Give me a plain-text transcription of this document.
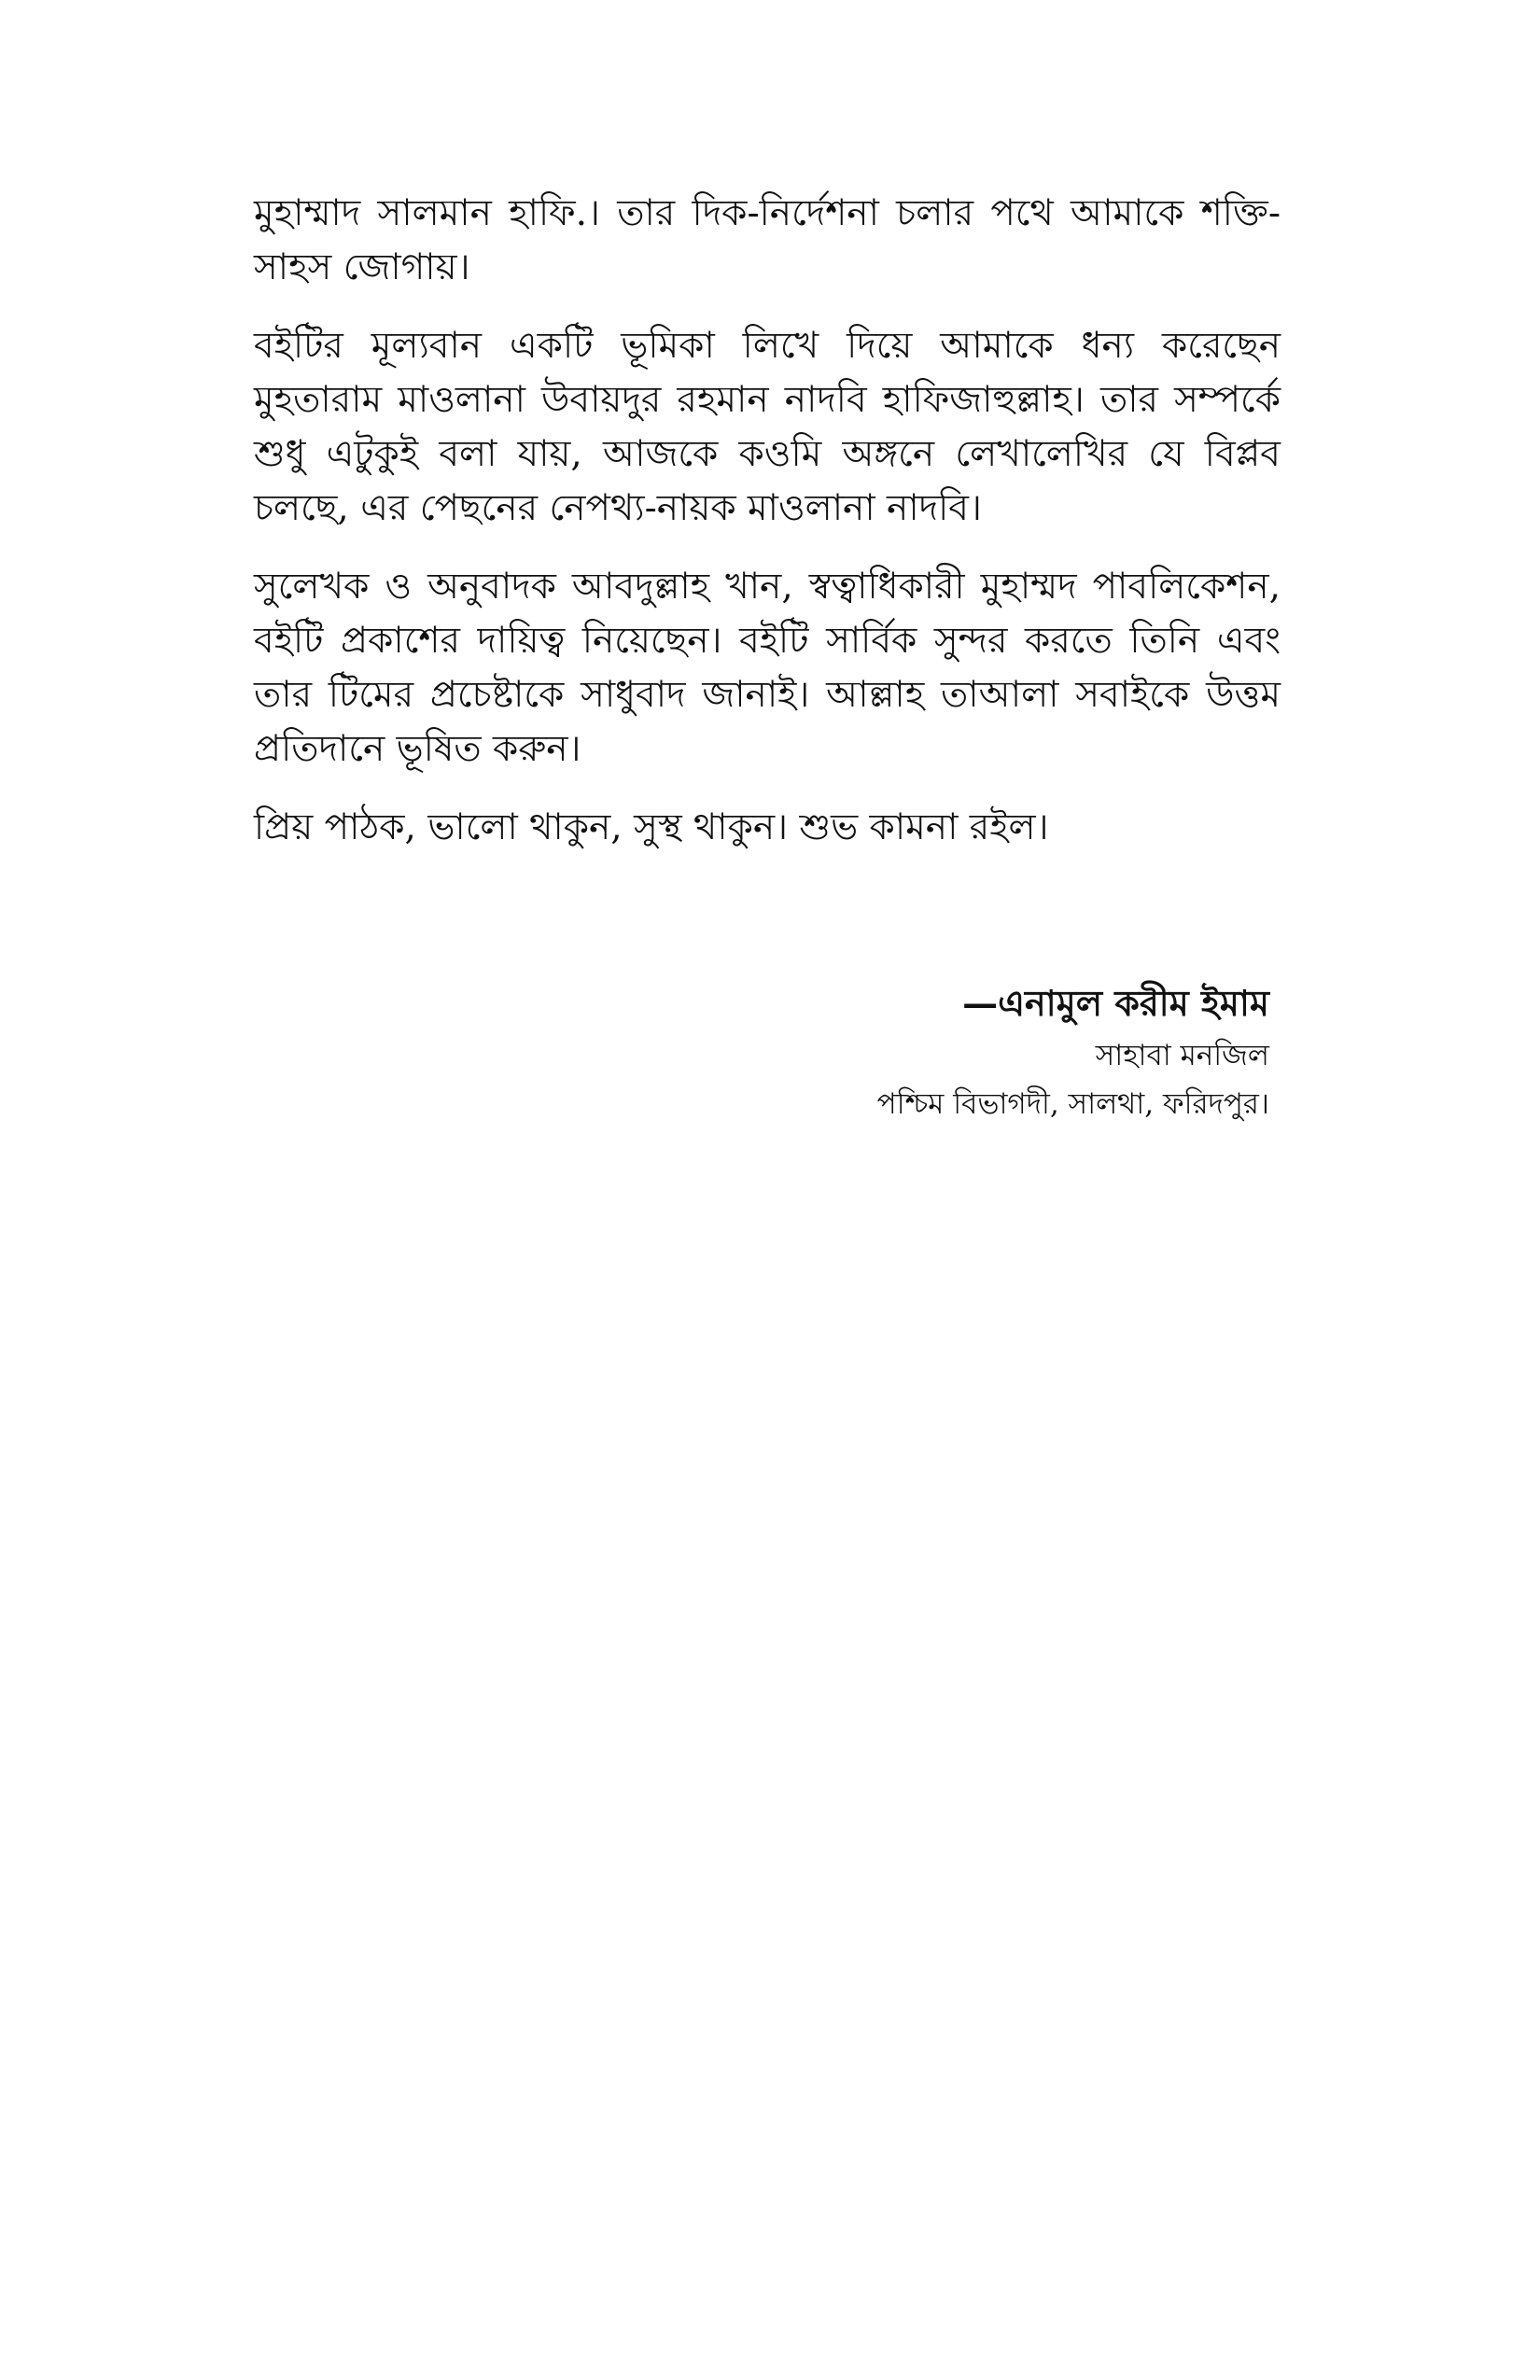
মুহাম্মাদ সালমান হাফি.। তার দিক-নির্দেশনা চলার পথে আমাকে শক্তি-সাহস জোগায়।

বইটির মূল্যবান একটি ভূমিকা লিখে দিয়ে আমাকে ধন্য করেছেন মুহতারাম মাওলানা উবায়দুর রহমান নাদবি হাফিজাহুল্লাহ। তার সম্পর্কে শুধু এটুকুই বলা যায়, আজকে কওমি অঙ্গনে লেখালেখির যে বিপ্লব চলছে, এর পেছনের নেপথ্য-নায়ক মাওলানা নাদবি।

সুলেখক ও অনুবাদক আবদুল্লাহ খান, স্বত্বাধিকারী মুহাম্মদ পাবলিকেশন, বইটি প্রকাশের দায়িত্ব নিয়েছেন। বইটি সার্বিক সুন্দর করতে তিনি এবং তার টিমের প্রচেষ্টাকে সাধুবাদ জানাই। আল্লাহ তাআলা সবাইকে উত্তম প্রতিদানে ভূষিত করুন।

প্রিয় পাঠক, ভালো থাকুন, সুস্থ থাকুন। শুভ কামনা রইল।

—এনামুল করীম ইমাম
সাহাবা মনজিল
পশ্চিম বিভাগদী, সালথা, ফরিদপুর।
